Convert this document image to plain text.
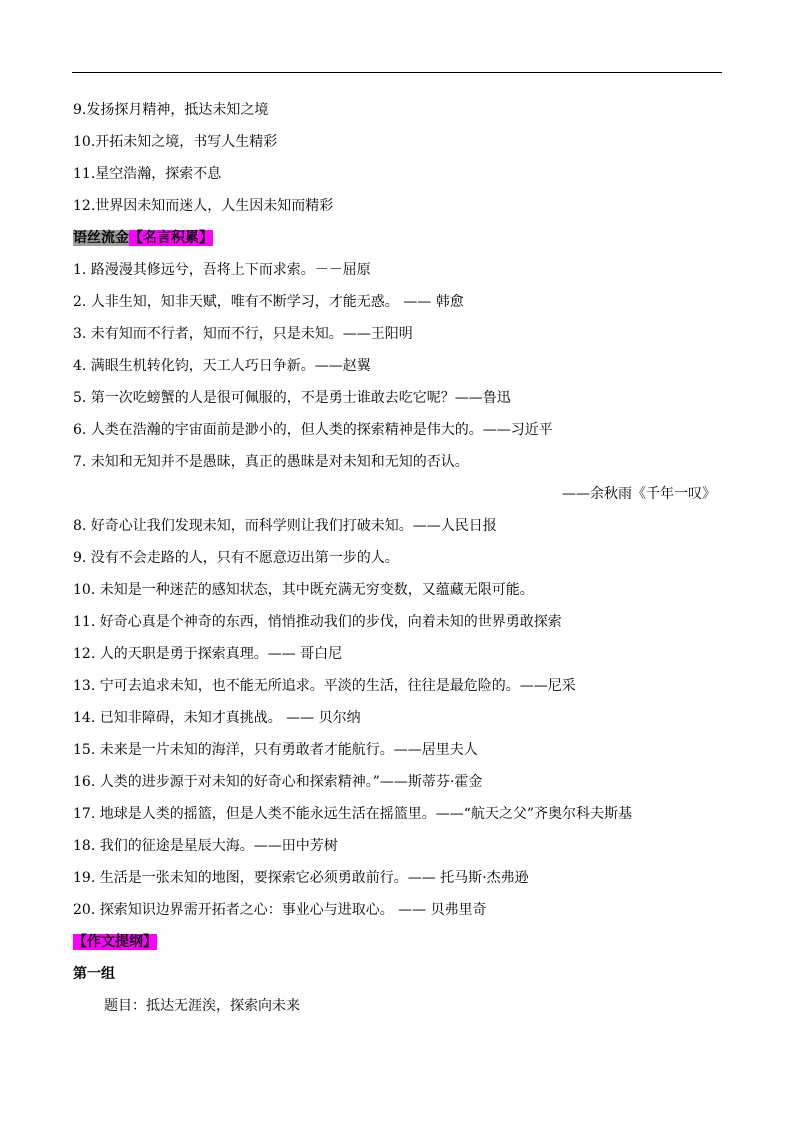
9.发扬探月精神，抵达未知之境
10.开拓未知之境，书写人生精彩
11.星空浩瀚，探索不息
12.世界因未知而迷人，人生因未知而精彩
语丝流金【名言积累】
1. 路漫漫其修远兮，吾将上下而求索。－－屈原
2. 人非生知，知非天赋，唯有不断学习，才能无惑。 —— 韩愈
3. 未有知而不行者，知而不行，只是未知。——王阳明
4. 满眼生机转化钧，天工人巧日争新。——赵翼
5. 第一次吃螃蟹的人是很可佩服的，不是勇士谁敢去吃它呢？——鲁迅
6. 人类在浩瀚的宇宙面前是渺小的，但人类的探索精神是伟大的。——习近平
7. 未知和无知并不是愚昧，真正的愚昧是对未知和无知的否认。
——余秋雨《千年一叹》
8. 好奇心让我们发现未知，而科学则让我们打破未知。——人民日报
9. 没有不会走路的人，只有不愿意迈出第一步的人。
10. 未知是一种迷茫的感知状态，其中既充满无穷变数，又蕴藏无限可能。
11. 好奇心真是个神奇的东西，悄悄推动我们的步伐，向着未知的世界勇敢探索
12. 人的天职是勇于探索真理。—— 哥白尼
13. 宁可去追求未知，也不能无所追求。平淡的生活，往往是最危险的。——尼采
14. 已知非障碍，未知才真挑战。 —— 贝尔纳
15. 未来是一片未知的海洋，只有勇敢者才能航行。——居里夫人
16. 人类的进步源于对未知的好奇心和探索精神。”——斯蒂芬·霍金
17. 地球是人类的摇篮，但是人类不能永远生活在摇篮里。——“航天之父”齐奥尔科夫斯基
18. 我们的征途是星辰大海。——田中芳树
19. 生活是一张未知的地图，要探索它必须勇敢前行。—— 托马斯·杰弗逊
20. 探索知识边界需开拓者之心：事业心与进取心。 —— 贝弗里奇
【作文提纲】
第一组
题目：抵达无涯涘，探索向未来
